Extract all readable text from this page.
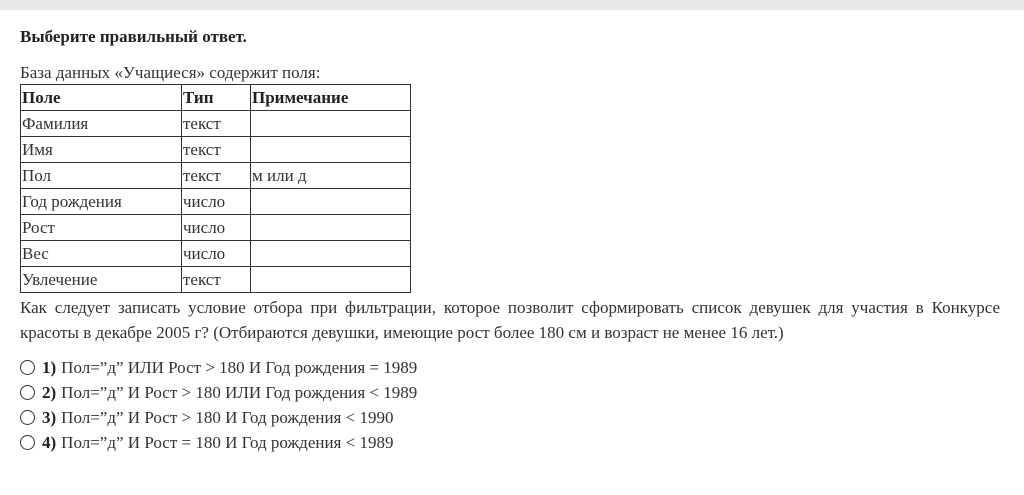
Выберите правильный ответ.

База данных «Учащиеся» содержит поля:

Поле	Тип	Примечание
Фамилия	текст	
Имя	текст	
Пол	текст	м или д
Год рождения	число	
Рост	число	
Вес	число	
Увлечение	текст	

Как следует записать условие отбора при фильтрации, которое позволит сформировать список девушек для участия в Конкурсе красоты в декабре 2005 г? (Отбираются девушки, имеющие рост более 180 см и возраст не менее 16 лет.)

1) Пол=”д” ИЛИ Рост > 180 И Год рождения = 1989
2) Пол=”д” И Рост > 180 ИЛИ Год рождения < 1989
3) Пол=”д” И Рост > 180 И Год рождения < 1990
4) Пол=”д” И Рост = 180 И Год рождения < 1989
